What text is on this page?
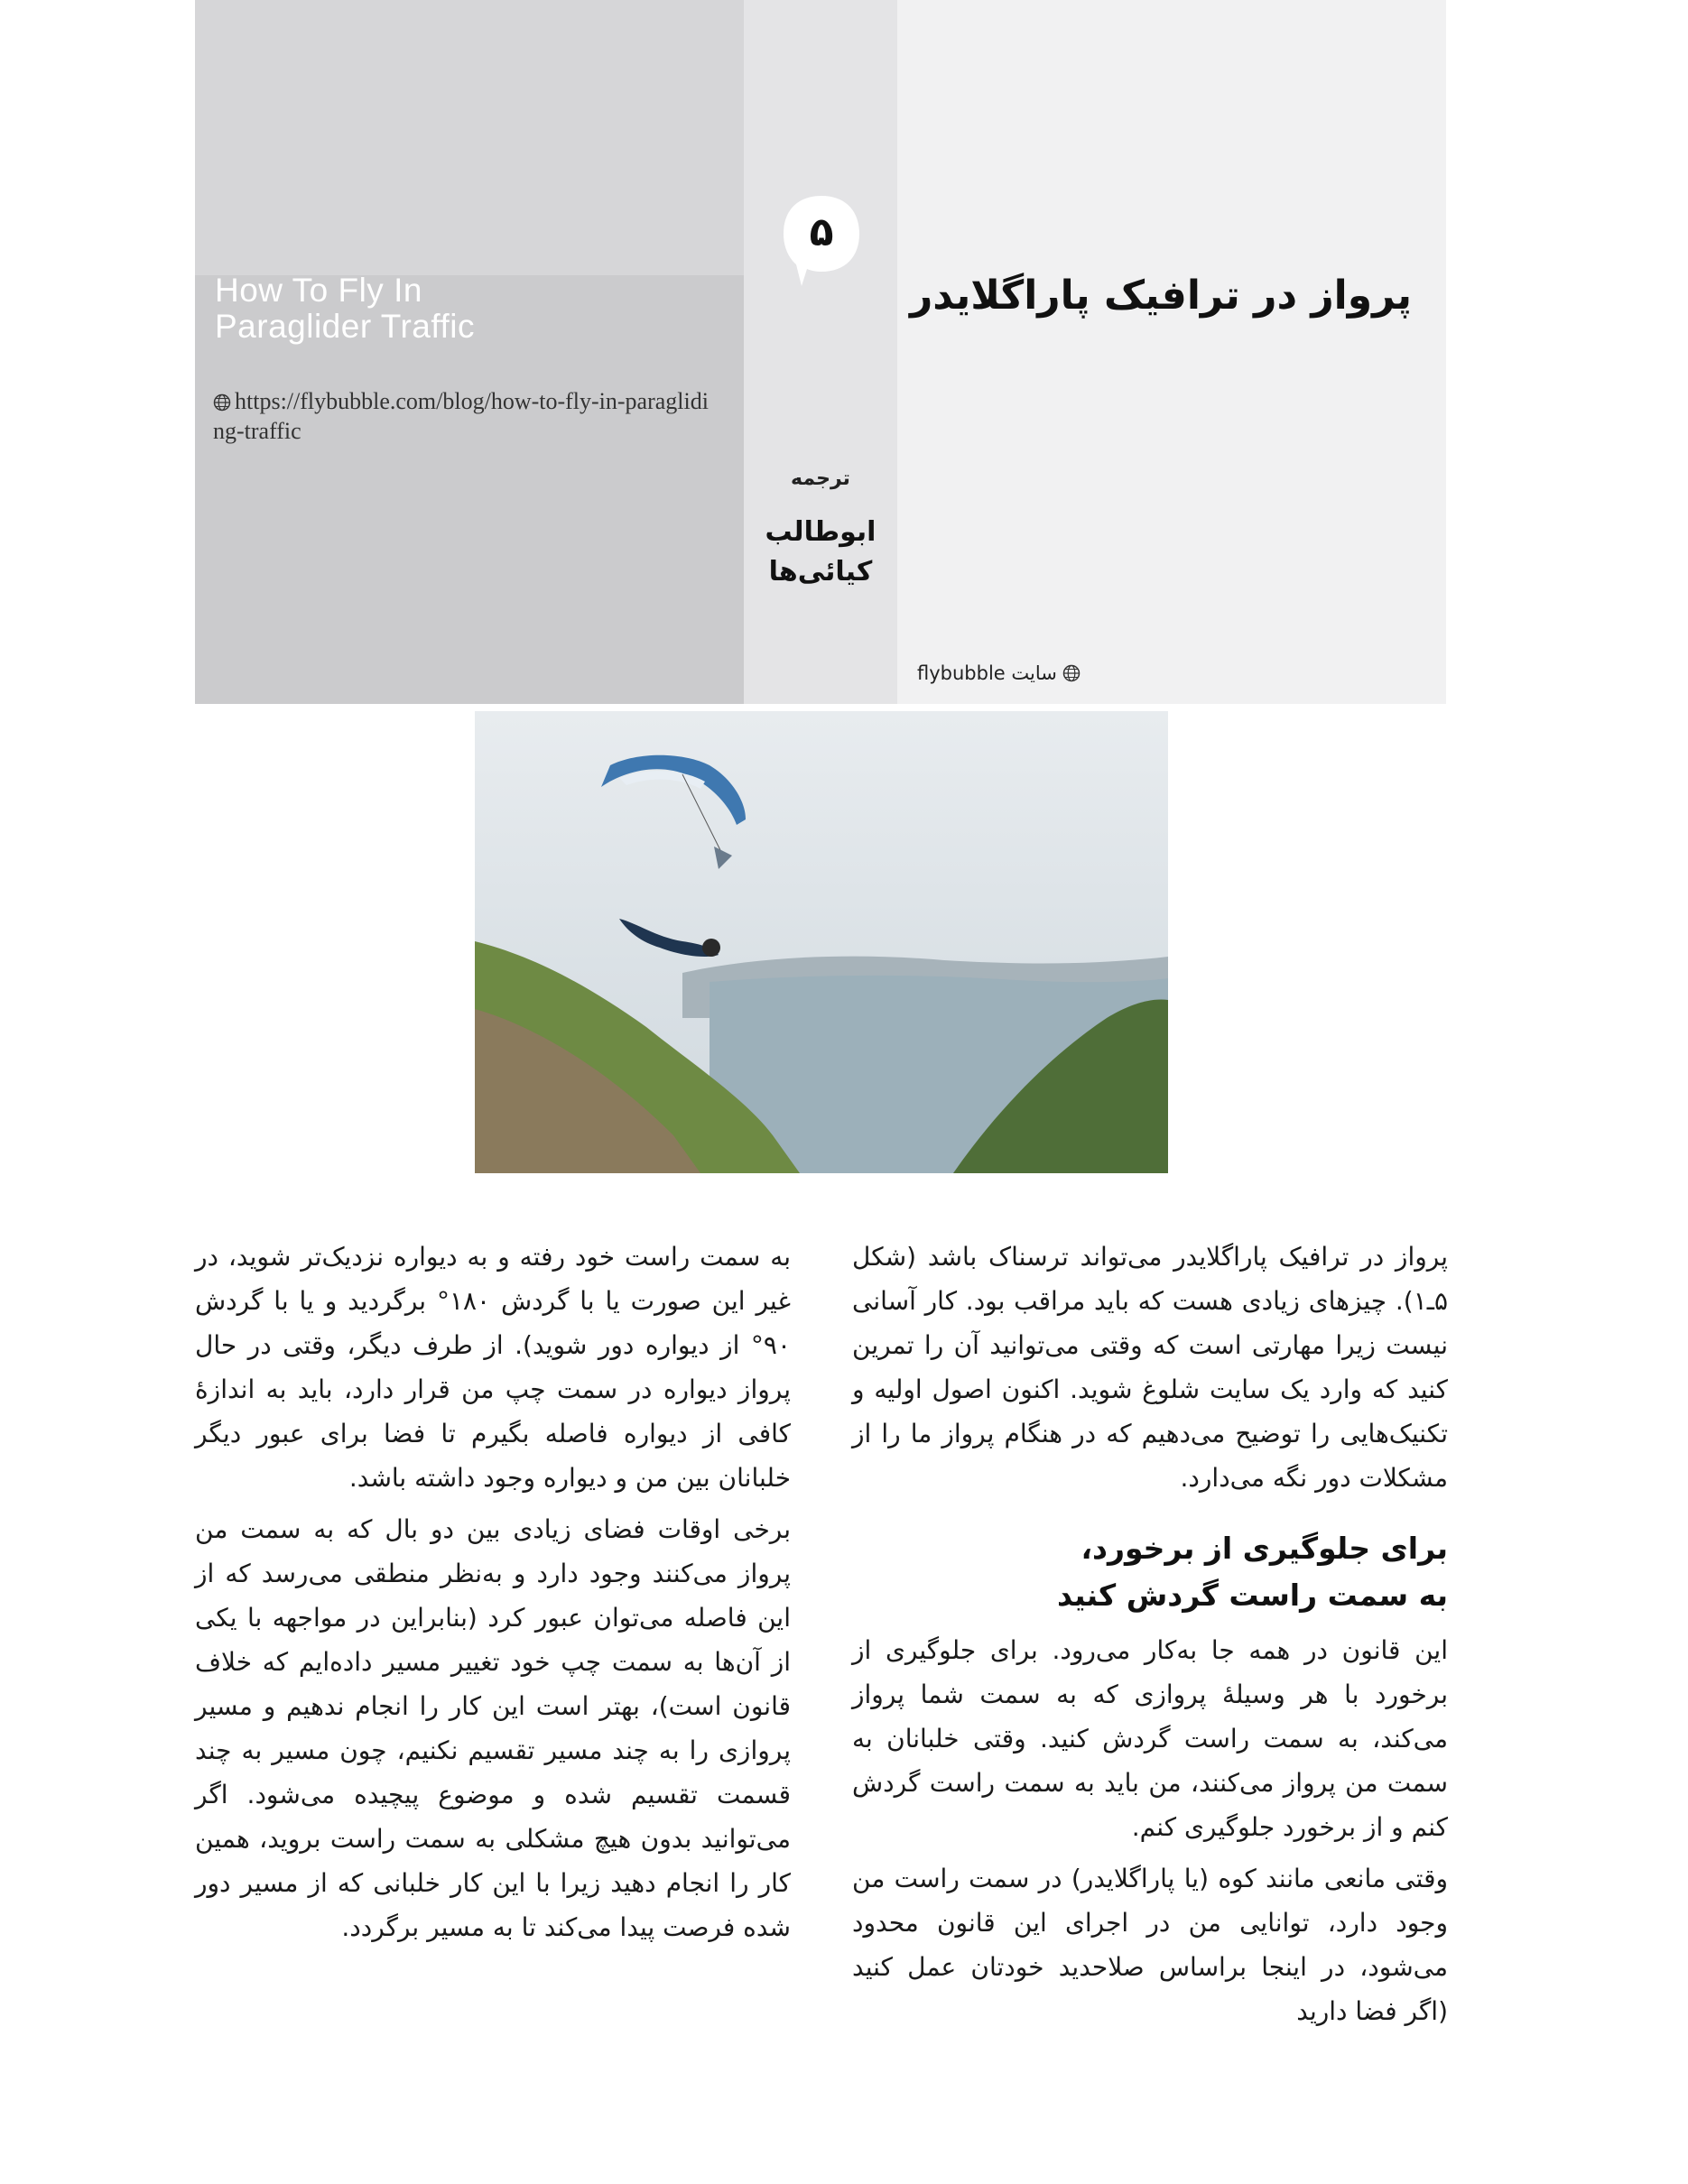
How To Fly In
Paraglider Traffic
https://flybubble.com/blog/how-to-fly-in-paragliding-traffic
۵
ترجمه
ابوطالب
کیائی‌ها
پرواز در ترافیک پاراگلایدر
سایت flybubble

پرواز در ترافیک پاراگلایدر می‌تواند ترسناک باشد (شکل ۵ـ۱). چیزهای زیادی هست که باید مراقب بود. کار آسانی نیست زیرا مهارتی است که وقتی می‌توانید آن را تمرین کنید که وارد یک سایت شلوغ شوید. اکنون اصول اولیه و تکنیک‌هایی را توضیح می‌دهیم که در هنگام پرواز ما را از مشکلات دور نگه می‌دارد.

برای جلوگیری از برخورد،
به سمت راست گردش کنید

این قانون در همه جا به‌کار می‌رود. برای جلوگیری از برخورد با هر وسیلهٔ پروازی که به سمت شما پرواز می‌کند، به سمت راست گردش کنید. وقتی خلبانان به سمت من پرواز می‌کنند، من باید به سمت راست گردش کنم و از برخورد جلوگیری کنم.

وقتی مانعی مانند کوه (یا پاراگلایدر) در سمت راست من وجود دارد، توانایی من در اجرای این قانون محدود می‌شود، در اینجا براساس صلاحدید خودتان عمل کنید (اگر فضا دارید

به سمت راست خود رفته و به دیواره نزدیک‌تر شوید، در غیر این صورت یا با گردش ۱۸۰° برگردید و یا با گردش ۹۰° از دیواره دور شوید). از طرف دیگر، وقتی در حال پرواز دیواره در سمت چپ من قرار دارد، باید به اندازهٔ کافی از دیواره فاصله بگیرم تا فضا برای عبور دیگر خلبانان بین من و دیواره وجود داشته باشد.

برخی اوقات فضای زیادی بین دو بال که به سمت من پرواز می‌کنند وجود دارد و به‌نظر منطقی می‌رسد که از این فاصله می‌توان عبور کرد (بنابراین در مواجهه با یکی از آن‌ها به سمت چپ خود تغییر مسیر داده‌ایم که خلاف قانون است)، بهتر است این کار را انجام ندهیم و مسیر پروازی را به چند مسیر تقسیم نکنیم، چون مسیر به چند قسمت تقسیم شده و موضوع پیچیده می‌شود. اگر می‌توانید بدون هیچ مشکلی به سمت راست بروید، همین کار را انجام دهید زیرا با این کار خلبانی که از مسیر دور شده فرصت پیدا می‌کند تا به مسیر برگردد.
